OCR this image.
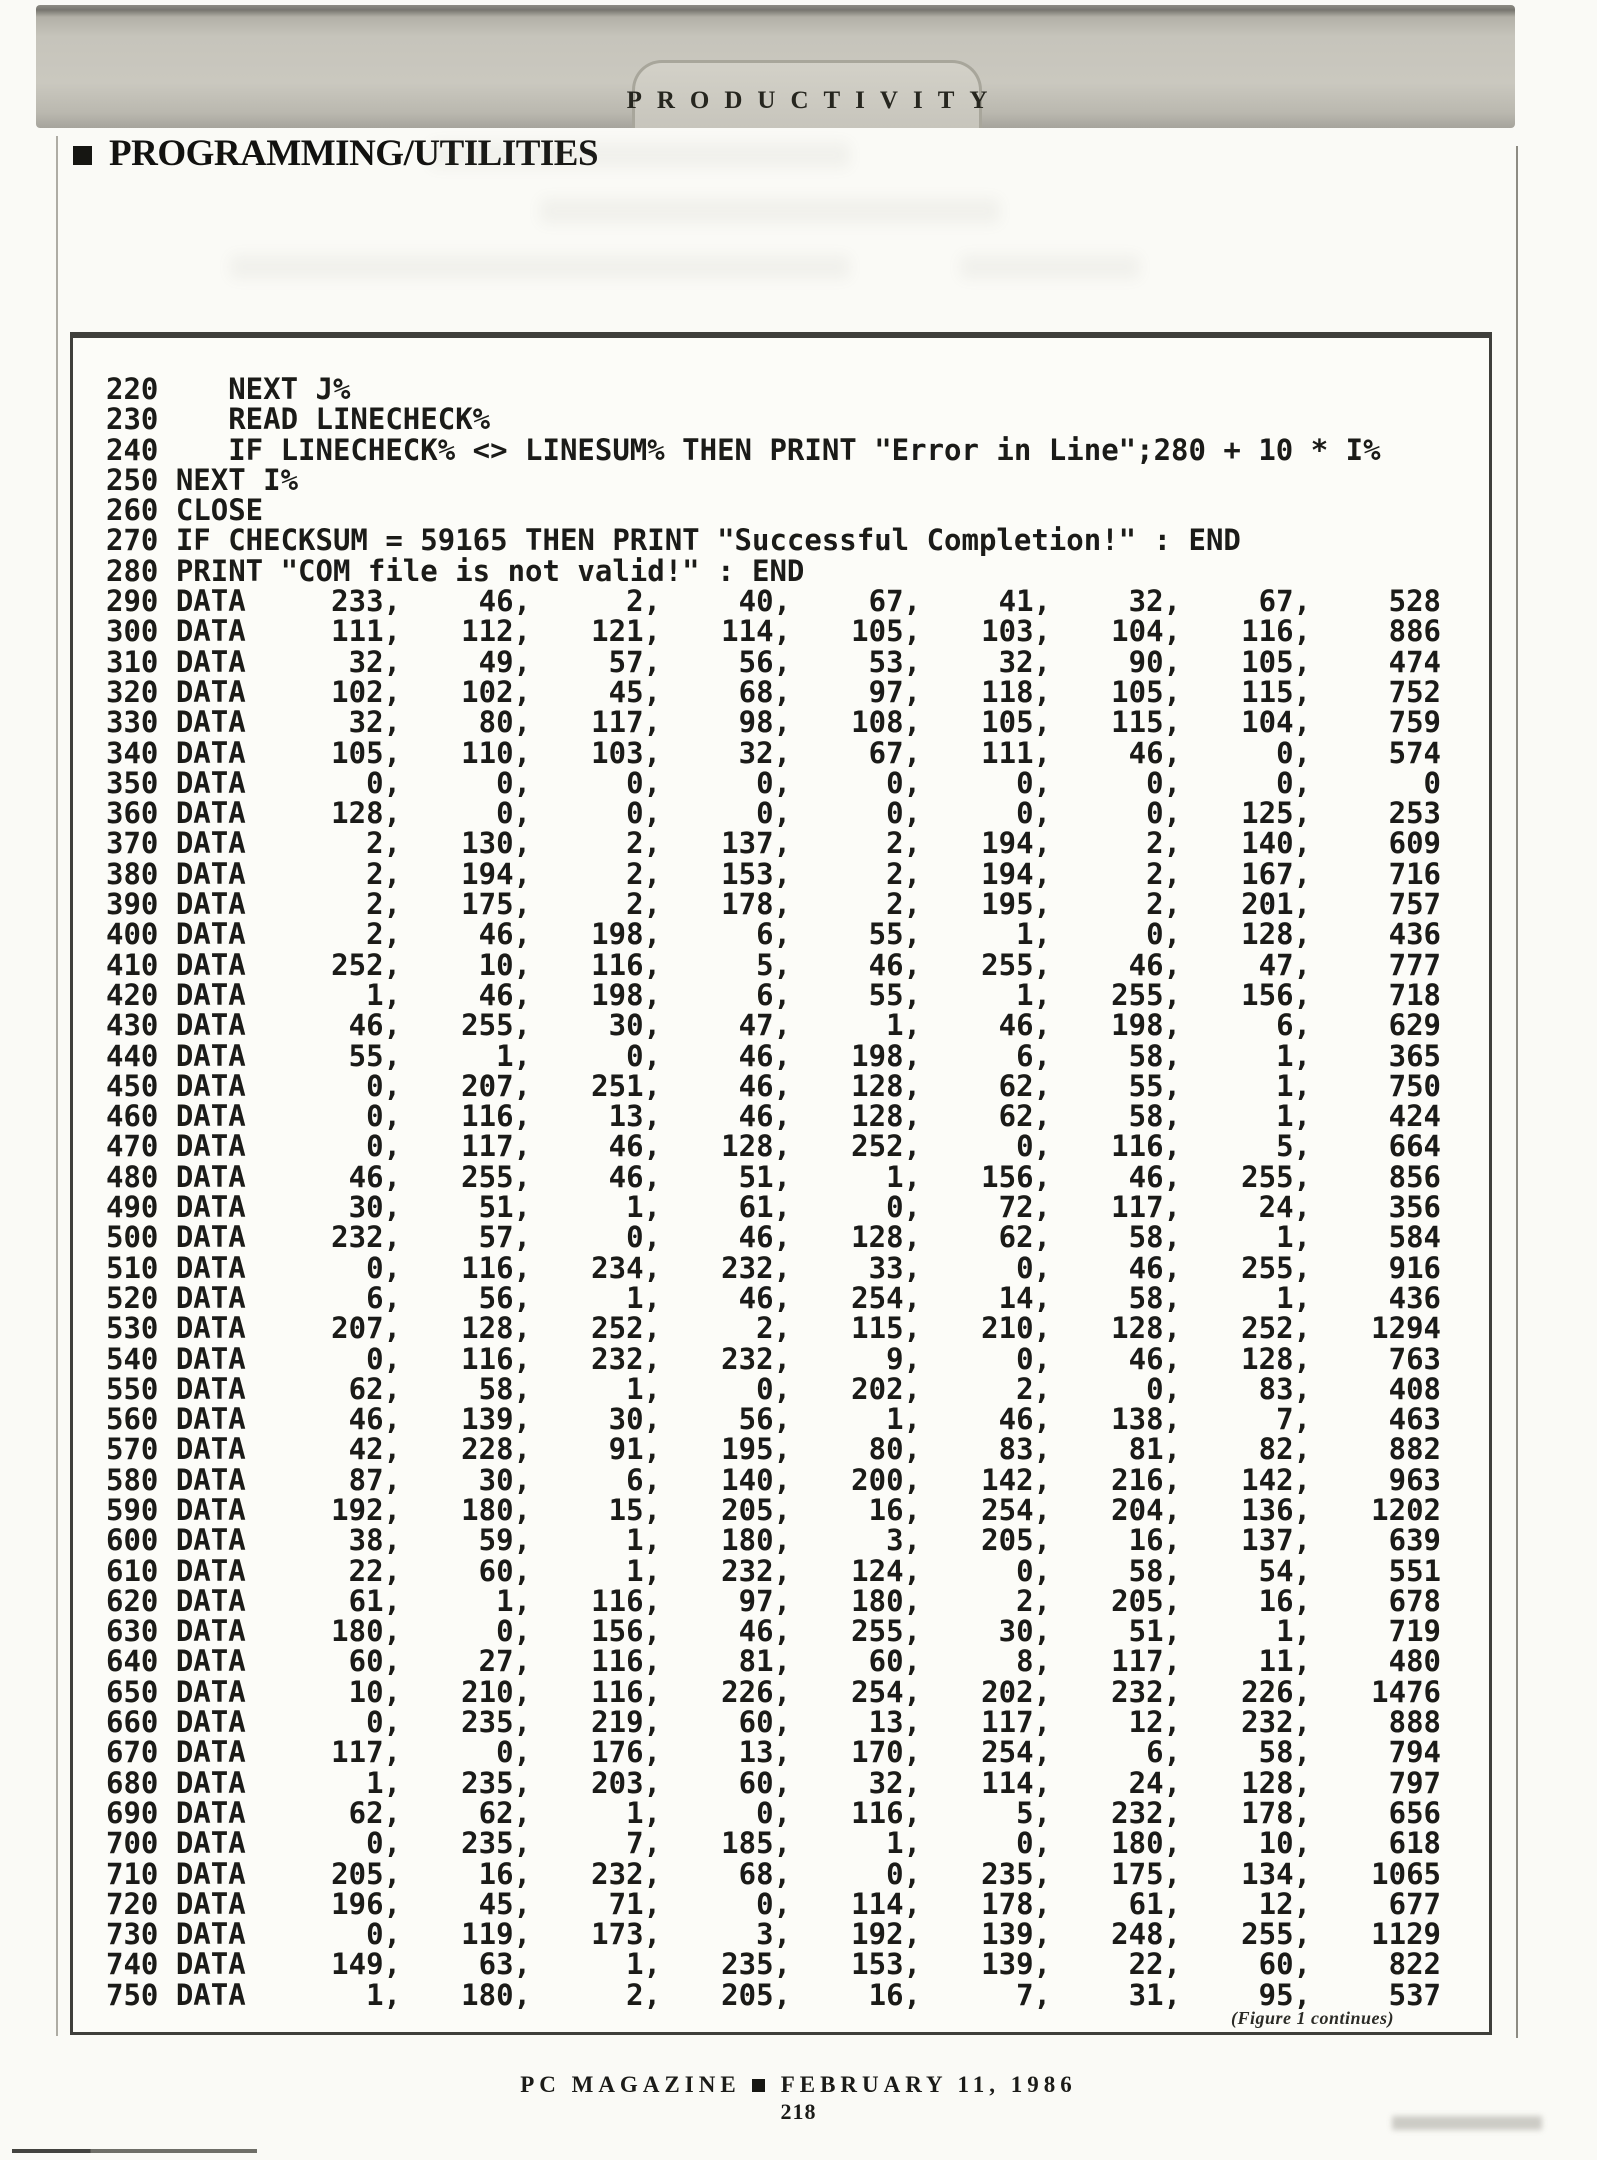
PRODUCTIVITY
PROGRAMMING/UTILITIES
220    NEXT J%
230    READ LINECHECK%
240    IF LINECHECK% <> LINESUM% THEN PRINT "Error in Line";280 + 10 * I%
250 NEXT I%
260 CLOSE
270 IF CHECKSUM = 59165 THEN PRINT "Successful Completion!" : END
280 PRINT "COM file is not valid!" : END
290 DATA	233,	46,	2,	40,	67,	41,	32,	67,	528
300 DATA	111,	112,	121,	114,	105,	103,	104,	116,	886
310 DATA	32,	49,	57,	56,	53,	32,	90,	105,	474
320 DATA	102,	102,	45,	68,	97,	118,	105,	115,	752
330 DATA	32,	80,	117,	98,	108,	105,	115,	104,	759
340 DATA	105,	110,	103,	32,	67,	111,	46,	0,	574
350 DATA	0,	0,	0,	0,	0,	0,	0,	0,	0
360 DATA	128,	0,	0,	0,	0,	0,	0,	125,	253
370 DATA	2,	130,	2,	137,	2,	194,	2,	140,	609
380 DATA	2,	194,	2,	153,	2,	194,	2,	167,	716
390 DATA	2,	175,	2,	178,	2,	195,	2,	201,	757
400 DATA	2,	46,	198,	6,	55,	1,	0,	128,	436
410 DATA	252,	10,	116,	5,	46,	255,	46,	47,	777
420 DATA	1,	46,	198,	6,	55,	1,	255,	156,	718
430 DATA	46,	255,	30,	47,	1,	46,	198,	6,	629
440 DATA	55,	1,	0,	46,	198,	6,	58,	1,	365
450 DATA	0,	207,	251,	46,	128,	62,	55,	1,	750
460 DATA	0,	116,	13,	46,	128,	62,	58,	1,	424
470 DATA	0,	117,	46,	128,	252,	0,	116,	5,	664
480 DATA	46,	255,	46,	51,	1,	156,	46,	255,	856
490 DATA	30,	51,	1,	61,	0,	72,	117,	24,	356
500 DATA	232,	57,	0,	46,	128,	62,	58,	1,	584
510 DATA	0,	116,	234,	232,	33,	0,	46,	255,	916
520 DATA	6,	56,	1,	46,	254,	14,	58,	1,	436
530 DATA	207,	128,	252,	2,	115,	210,	128,	252,	1294
540 DATA	0,	116,	232,	232,	9,	0,	46,	128,	763
550 DATA	62,	58,	1,	0,	202,	2,	0,	83,	408
560 DATA	46,	139,	30,	56,	1,	46,	138,	7,	463
570 DATA	42,	228,	91,	195,	80,	83,	81,	82,	882
580 DATA	87,	30,	6,	140,	200,	142,	216,	142,	963
590 DATA	192,	180,	15,	205,	16,	254,	204,	136,	1202
600 DATA	38,	59,	1,	180,	3,	205,	16,	137,	639
610 DATA	22,	60,	1,	232,	124,	0,	58,	54,	551
620 DATA	61,	1,	116,	97,	180,	2,	205,	16,	678
630 DATA	180,	0,	156,	46,	255,	30,	51,	1,	719
640 DATA	60,	27,	116,	81,	60,	8,	117,	11,	480
650 DATA	10,	210,	116,	226,	254,	202,	232,	226,	1476
660 DATA	0,	235,	219,	60,	13,	117,	12,	232,	888
670 DATA	117,	0,	176,	13,	170,	254,	6,	58,	794
680 DATA	1,	235,	203,	60,	32,	114,	24,	128,	797
690 DATA	62,	62,	1,	0,	116,	5,	232,	178,	656
700 DATA	0,	235,	7,	185,	1,	0,	180,	10,	618
710 DATA	205,	16,	232,	68,	0,	235,	175,	134,	1065
720 DATA	196,	45,	71,	0,	114,	178,	61,	12,	677
730 DATA	0,	119,	173,	3,	192,	139,	248,	255,	1129
740 DATA	149,	63,	1,	235,	153,	139,	22,	60,	822
750 DATA	1,	180,	2,	205,	16,	7,	31,	95,	537
(Figure 1 continues)
PC MAGAZINE FEBRUARY 11, 1986
218
